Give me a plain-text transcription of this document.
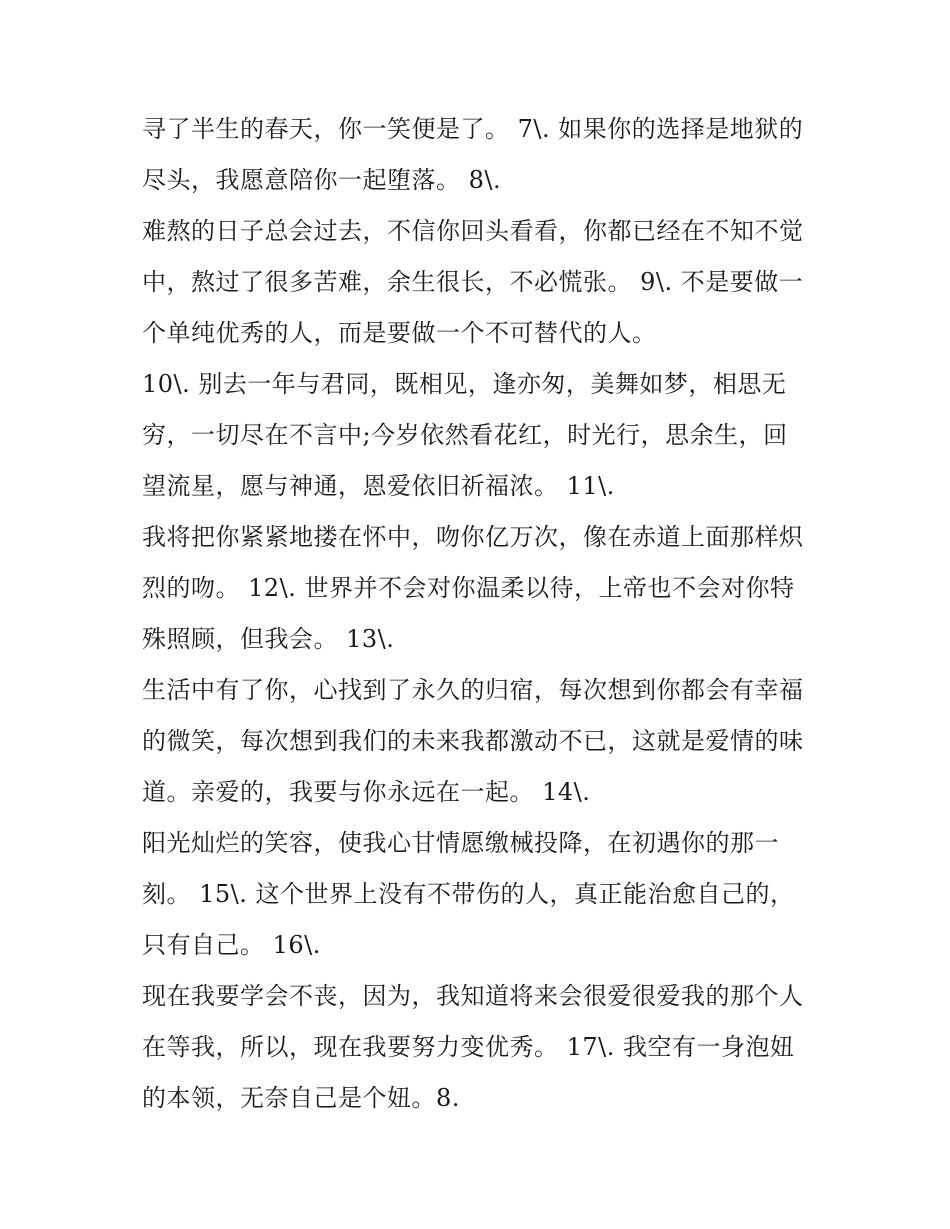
寻了半生的春天，你一笑便是了。 7\. 如果你的选择是地狱的
尽头，我愿意陪你一起堕落。 8\.
难熬的日子总会过去，不信你回头看看，你都已经在不知不觉
中，熬过了很多苦难，余生很长，不必慌张。 9\. 不是要做一
个单纯优秀的人，而是要做一个不可替代的人。
10\. 别去一年与君同，既相见，逢亦匆，美舞如梦，相思无
穷，一切尽在不言中;今岁依然看花红，时光行，思余生，回
望流星，愿与神通，恩爱依旧祈福浓。 11\.
我将把你紧紧地搂在怀中，吻你亿万次，像在赤道上面那样炽
烈的吻。 12\. 世界并不会对你温柔以待，上帝也不会对你特
殊照顾，但我会。 13\.
生活中有了你，心找到了永久的归宿，每次想到你都会有幸福
的微笑，每次想到我们的未来我都激动不已，这就是爱情的味
道。亲爱的，我要与你永远在一起。 14\.
阳光灿烂的笑容，使我心甘情愿缴械投降，在初遇你的那一
刻。 15\. 这个世界上没有不带伤的人，真正能治愈自己的，
只有自己。 16\.
现在我要学会不丧，因为，我知道将来会很爱很爱我的那个人
在等我，所以，现在我要努力变优秀。 17\. 我空有一身泡妞
的本领，无奈自己是个妞。8.
